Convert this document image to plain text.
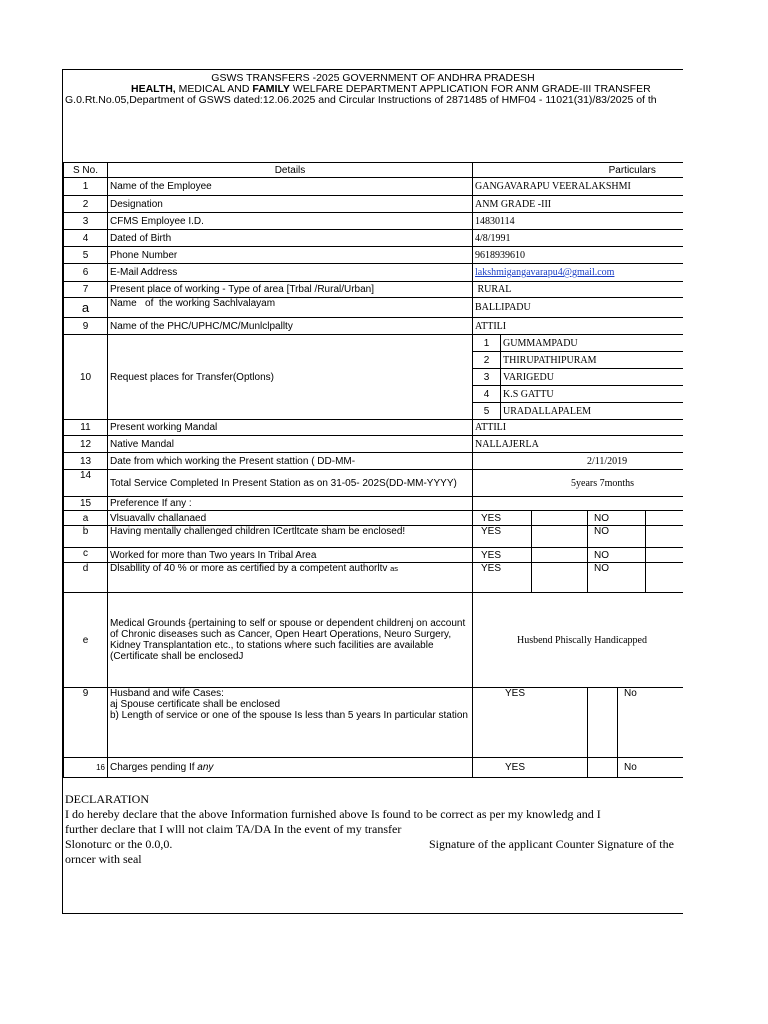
GSWS TRANSFERS -2025 GOVERNMENT OF ANDHRA PRADESH
HEALTH, MEDICAL AND FAMILY WELFARE DEPARTMENT APPLICATION FOR ANM GRADE-III TRANSFER
G.0.Rt.No.05,Department of GSWS dated:12.06.2025 and Circular Instructions of 2871485 of HMF04 - 11021(31)/83/2025 of th
S No.	Details	Particulars					
1	Name of the Employee	GANGAVARAPU VEERALAKSHMI					
2	Designation	ANM GRADE -III					
3	CFMS Employee I.D.	14830114					
4	Dated of Birth	4/8/1991					
5	Phone Number	9618939610					
6	E-Mail Address	lakshmigangavarapu4@gmail.com					
7	Present place of working - Type of area [Trbal /Rural/Urban]	RURAL					
a	Name   of  the working Sachlvalayam	BALLIPADU					
9	Name of the PHC/UPHC/MC/Munlclpallty	ATTILI					
10	Request places for Transfer(Optlons)	1	GUMMAMPADU				
		2	THIRUPATHIPURAM				
		3	VARIGEDU				
		4	K.S GATTU				
		5	URADALLAPALEM				
11	Present working Mandal	ATTILI					
12	Native Mandal	NALLAJERLA					
13	Date from which working the Present stattion ( DD-MM-	2/11/2019					
14	Total Service Completed In Present Station as on 31-05- 202S(DD-MM-YYYY)	5years 7months					
15	Preference If any :						
a	Vlsuavallv challanaed	YES			NO		
b	Having mentally challenged children ICertltcate sham be enclosed!	YES			NO		
c	Worked for more than Two years In Tribal Area	YES			NO		
d	Dlsabllity of 40 % or more as certified by a competent authorltv as	YES			NO		
e	Medical Grounds {pertaining to self or spouse or dependent childrenj on account of Chronic diseases such as Cancer, Open Heart Operations, Neuro Surgery, Kidney Transplantation etc., to stations where such facilities are available (Certificate shall be enclosedJ	Husbend Phiscally Handicapped					
9	Husband and wife Cases:
aj Spouse certificate shall be enclosed
b) Length of service or one of the spouse Is less than 5 years In particular station	YES				No	
16	Charges pending If any	YES				No	
DECLARATION
I do hereby declare that the above Information furnished above Is found to be correct as per my knowledg and I
further declare that I wlll not claim TA/DA In the event of my transfer
Slonoturc or the 0.0,0.	Signature of the applicant Counter Signature of the
orncer with seal
